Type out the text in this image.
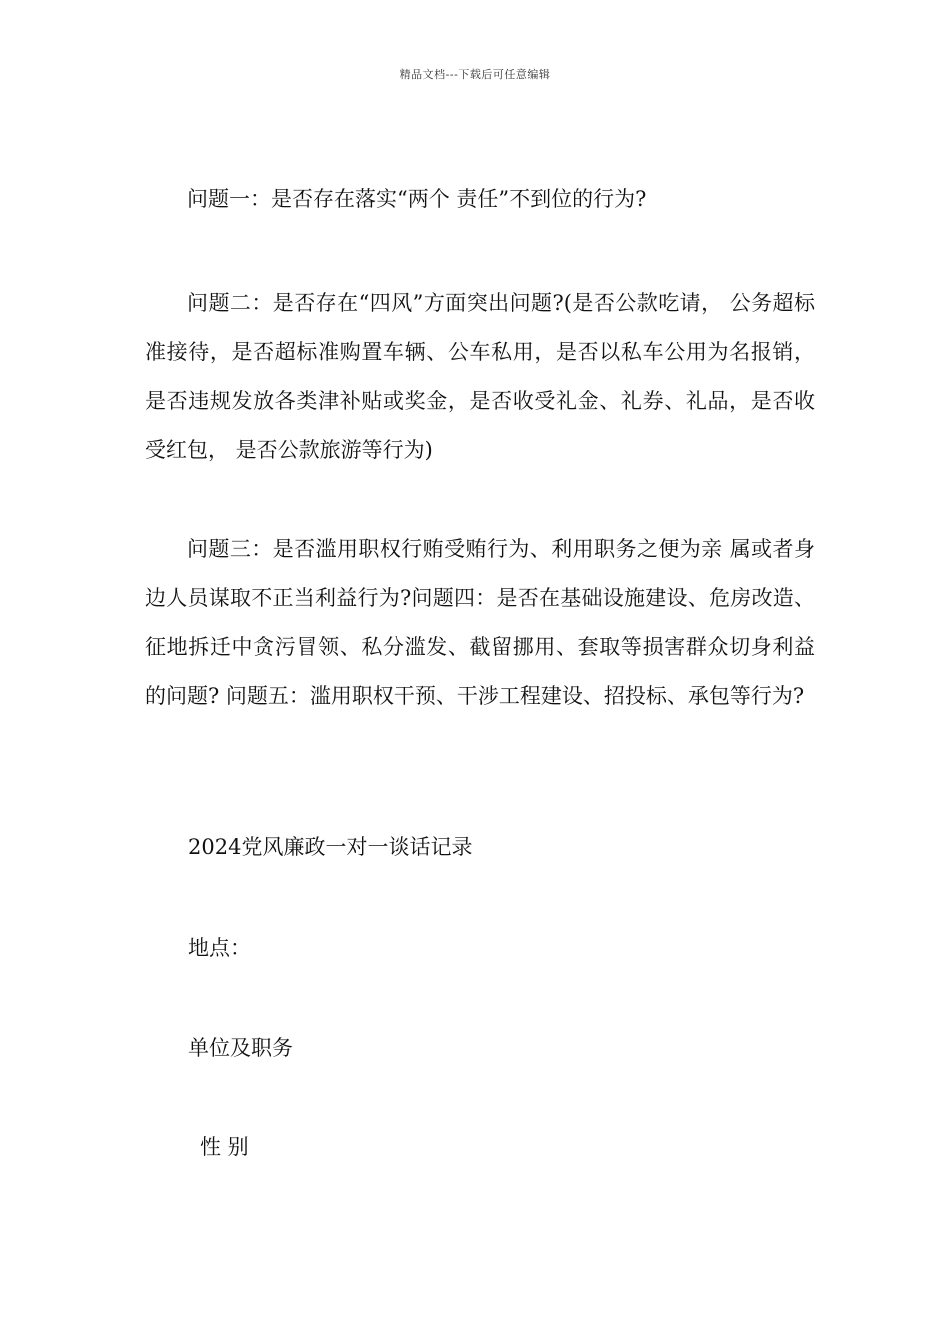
精品文档---下载后可任意编辑

问题一：是否存在落实“两个 责任”不到位的行为?

问题二：是否存在“四风”方面突出问题?(是否公款吃请， 公务超标准接待，是否超标准购置车辆、公车私用，是否以私车公用为名报销， 是否违规发放各类津补贴或奖金，是否收受礼金、礼券、礼品，是否收受红包， 是否公款旅游等行为)

问题三：是否滥用职权行贿受贿行为、利用职务之便为亲 属或者身边人员谋取不正当利益行为?问题四：是否在基础设施建设、危房改造、 征地拆迁中贪污冒领、私分滥发、截留挪用、套取等损害群众切身利益的问题? 问题五：滥用职权干预、干涉工程建设、招投标、承包等行为?

2024党风廉政一对一谈话记录
地点：
单位及职务
性 别
